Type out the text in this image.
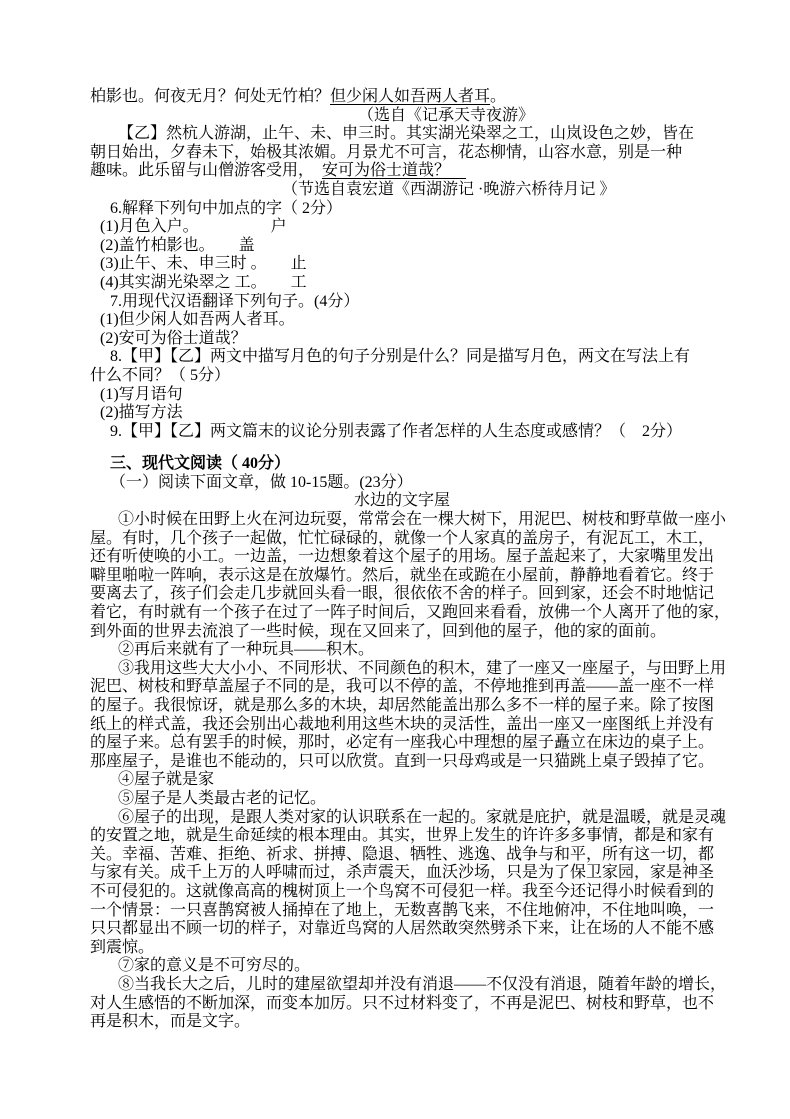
柏影也。何夜无月？何处无竹柏？但少闲人如吾两人者耳。
（选自《记承天寺夜游》
【乙】然杭人游湖，止午、未、申三时。其实湖光染翠之工，山岚设色之妙，皆在
朝日始出，夕舂未下，始极其浓媚。月景尤不可言，花态柳情，山容水意，别是一种
趣味。此乐留与山僧游客受用，　安可为俗士道哉？　
（节选自袁宏道《西湖游记 ·晚游六桥待月记 》
6.解释下列句中加点的字（ 2分）
(1)月色入户。　　　　　户
(2)盖竹柏影也。　　盖
(3)止午、未、申三时 。　　止
(4)其实湖光染翠之 工。　　工
7.用现代汉语翻译下列句子。(4分）
(1)但少闲人如吾两人者耳。
(2)安可为俗士道哉？
8.【甲】【乙】两文中描写月色的句子分别是什么？同是描写月色，两文在写法上有
什么不同？（ 5分）
(1)写月语句
(2)描写方法
9.【甲】【乙】两文篇末的议论分别表露了作者怎样的人生态度或感情？（　2分）
三、现代文阅读（ 40分）
（一）阅读下面文章，做 10-15题。(23分）
水边的文字屋
①小时候在田野上火在河边玩耍，常常会在一棵大树下，用泥巴、树枝和野草做一座小
屋。有时，几个孩子一起做，忙忙碌碌的，就像一个人家真的盖房子，有泥瓦工，木工，
还有听使唤的小工。一边盖，一边想象着这个屋子的用场。屋子盖起来了，大家嘴里发出
噼里啪啦一阵响，表示这是在放爆竹。然后，就坐在或跪在小屋前，静静地看着它。终于
要离去了，孩子们会走几步就回头看一眼，很依依不舍的样子。回到家，还会不时地惦记
着它，有时就有一个孩子在过了一阵子时间后，又跑回来看看，放佛一个人离开了他的家，
到外面的世界去流浪了一些时候，现在又回来了，回到他的屋子，他的家的面前。
②再后来就有了一种玩具——积木。
③我用这些大大小小、不同形状、不同颜色的积木，建了一座又一座屋子，与田野上用
泥巴、树枝和野草盖屋子不同的是，我可以不停的盖，不停地推到再盖——盖一座不一样
的屋子。我很惊讶，就是那么多的木块，却居然能盖出那么多不一样的屋子来。除了按图
纸上的样式盖，我还会别出心裁地利用这些木块的灵活性，盖出一座又一座图纸上并没有
的屋子来。总有罢手的时候，那时，必定有一座我心中理想的屋子矗立在床边的桌子上。
那座屋子，是谁也不能动的，只可以欣赏。直到一只母鸡或是一只猫跳上桌子毁掉了它。
④屋子就是家
⑤屋子是人类最古老的记忆。
⑥屋子的出现，是跟人类对家的认识联系在一起的。家就是庇护，就是温暖，就是灵魂
的安置之地，就是生命延续的根本理由。其实，世界上发生的许许多多事情，都是和家有
关。幸福、苦难、拒绝、祈求、拼搏、隐退、牺牲、逃逸、战争与和平，所有这一切，都
与家有关。成千上万的人呼啸而过，杀声震天，血沃沙场，只是为了保卫家园，家是神圣
不可侵犯的。这就像高高的槐树顶上一个鸟窝不可侵犯一样。我至今还记得小时候看到的
一个情景：一只喜鹊窝被人捅掉在了地上，无数喜鹊飞来，不住地俯冲，不住地叫唤，一
只只都显出不顾一切的样子，对靠近鸟窝的人居然敢突然劈杀下来，让在场的人不能不感
到震惊。
⑦家的意义是不可穷尽的。
⑧当我长大之后，儿时的建屋欲望却并没有消退——不仅没有消退，随着年龄的增长，
对人生感悟的不断加深，而变本加厉。只不过材料变了，不再是泥巴、树枝和野草，也不
再是积木，而是文字。
